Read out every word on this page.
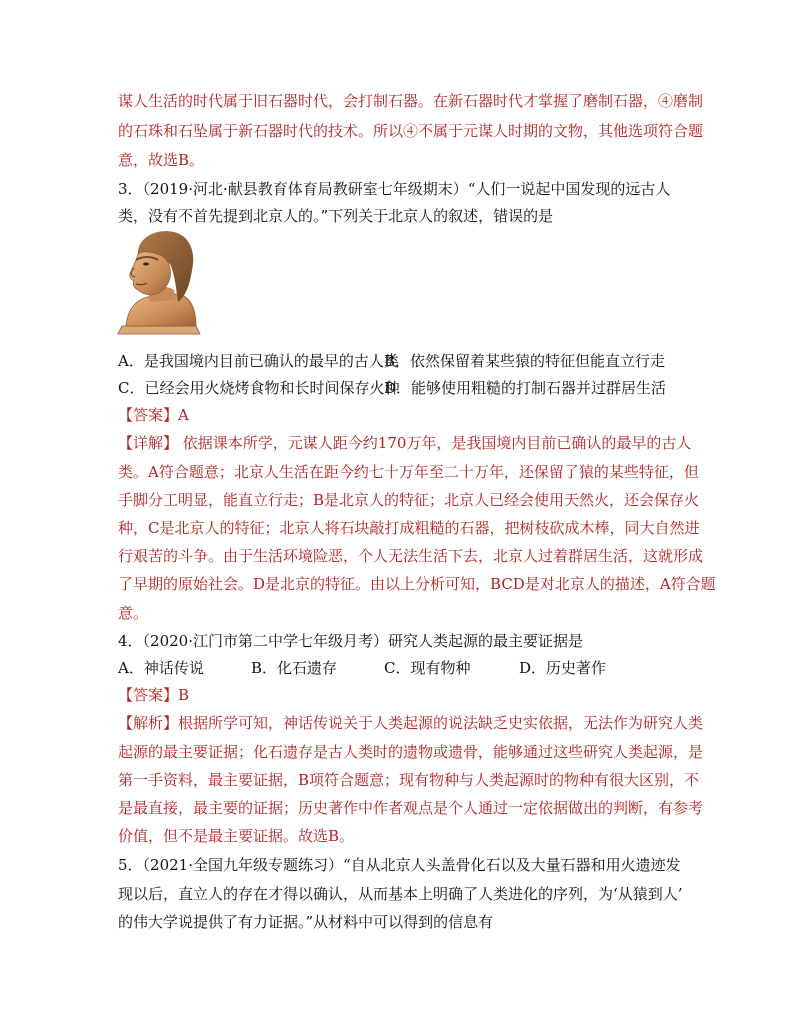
谋人生活的时代属于旧石器时代，会打制石器。在新石器时代才掌握了磨制石器，④磨制
的石珠和石坠属于新石器时代的技术。所以④不属于元谋人时期的文物，其他选项符合题
意，故选B。
3．（2019·河北·献县教育体育局教研室七年级期末）“人们一说起中国发现的远古人
类，没有不首先提到北京人的。”下列关于北京人的叙述，错误的是
A．是我国境内目前已确认的最早的古人类
B．依然保留着某些猿的特征但能直立行走
C．已经会用火烧烤食物和长时间保存火种
D．能够使用粗糙的打制石器并过群居生活
【答案】A
【详解】 依据课本所学，元谋人距今约170万年，是我国境内目前已确认的最早的古人
类。A符合题意；北京人生活在距今约七十万年至二十万年，还保留了猿的某些特征，但
手脚分工明显，能直立行走；B是北京人的特征；北京人已经会使用天然火，还会保存火
种，C是北京人的特征；北京人将石块敲打成粗糙的石器，把树枝砍成木棒，同大自然进
行艰苦的斗争。由于生活环境险恶，个人无法生活下去，北京人过着群居生活，这就形成
了早期的原始社会。D是北京的特征。由以上分析可知，BCD是对北京人的描述，A符合题
意。
4．（2020·江门市第二中学七年级月考）研究人类起源的最主要证据是
A．神话传说	B．化石遗存	C．现有物种	D．历史著作
【答案】B
【解析】根据所学可知，神话传说关于人类起源的说法缺乏史实依据，无法作为研究人类
起源的最主要证据；化石遗存是古人类时的遗物或遗骨，能够通过这些研究人类起源，是
第一手资料，最主要证据，B项符合题意；现有物种与人类起源时的物种有很大区别，不
是最直接，最主要的证据；历史著作中作者观点是个人通过一定依据做出的判断，有参考
价值，但不是最主要证据。故选B。
5．（2021·全国九年级专题练习）“自从北京人头盖骨化石以及大量石器和用火遗迹发
现以后，直立人的存在才得以确认，从而基本上明确了人类进化的序列，为‘从猿到人’
的伟大学说提供了有力证据。”从材料中可以得到的信息有
